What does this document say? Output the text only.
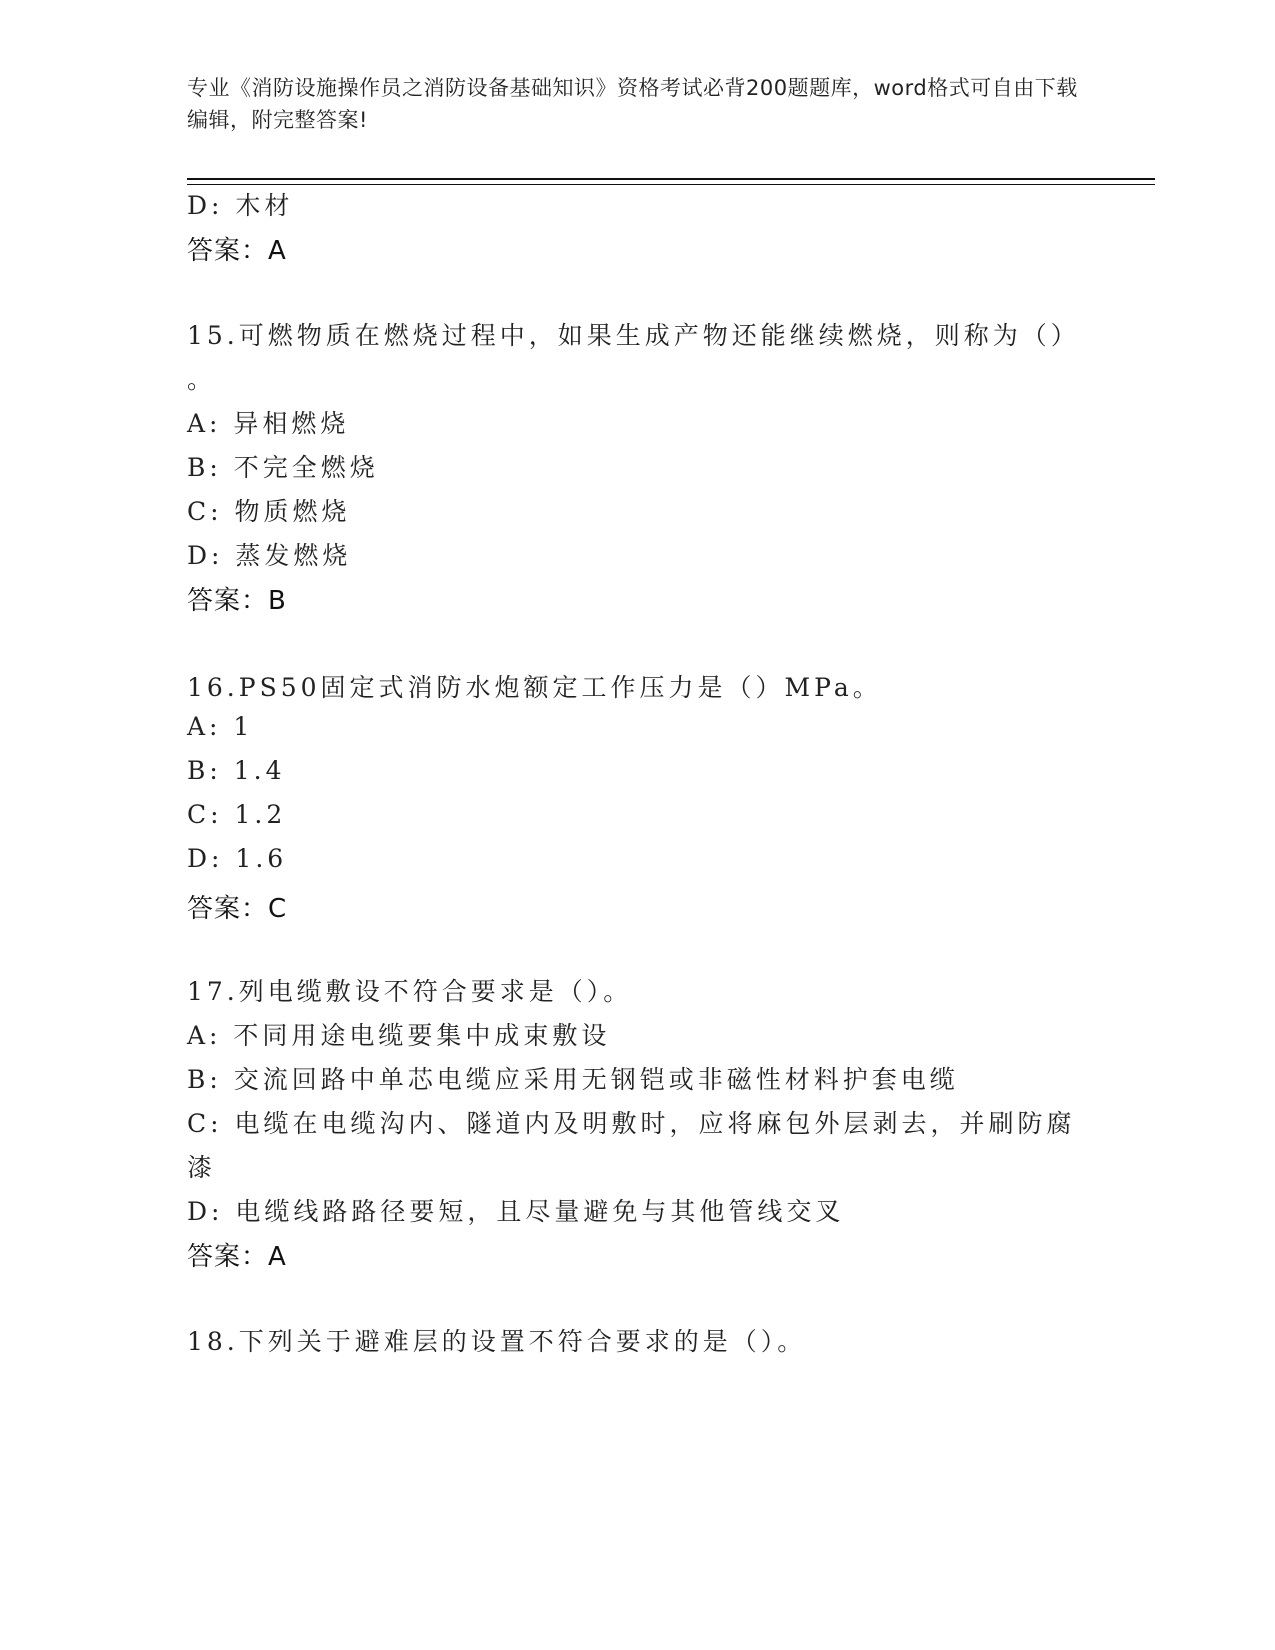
专业《消防设施操作员之消防设备基础知识》资格考试必背200题题库，word格式可自由下载编辑，附完整答案!
D: 木材
答案：A
15.可燃物质在燃烧过程中，如果生成产物还能继续燃烧，则称为（）
。
A: 异相燃烧
B: 不完全燃烧
C: 物质燃烧
D: 蒸发燃烧
答案：B
16.PS50固定式消防水炮额定工作压力是（）MPa。
A: 1
B: 1.4
C: 1.2
D: 1.6
答案：C
17.列电缆敷设不符合要求是（）。
A: 不同用途电缆要集中成束敷设
B: 交流回路中单芯电缆应采用无钢铠或非磁性材料护套电缆
C: 电缆在电缆沟内、隧道内及明敷时，应将麻包外层剥去，并刷防腐
漆
D: 电缆线路路径要短，且尽量避免与其他管线交叉
答案：A
18.下列关于避难层的设置不符合要求的是（）。
